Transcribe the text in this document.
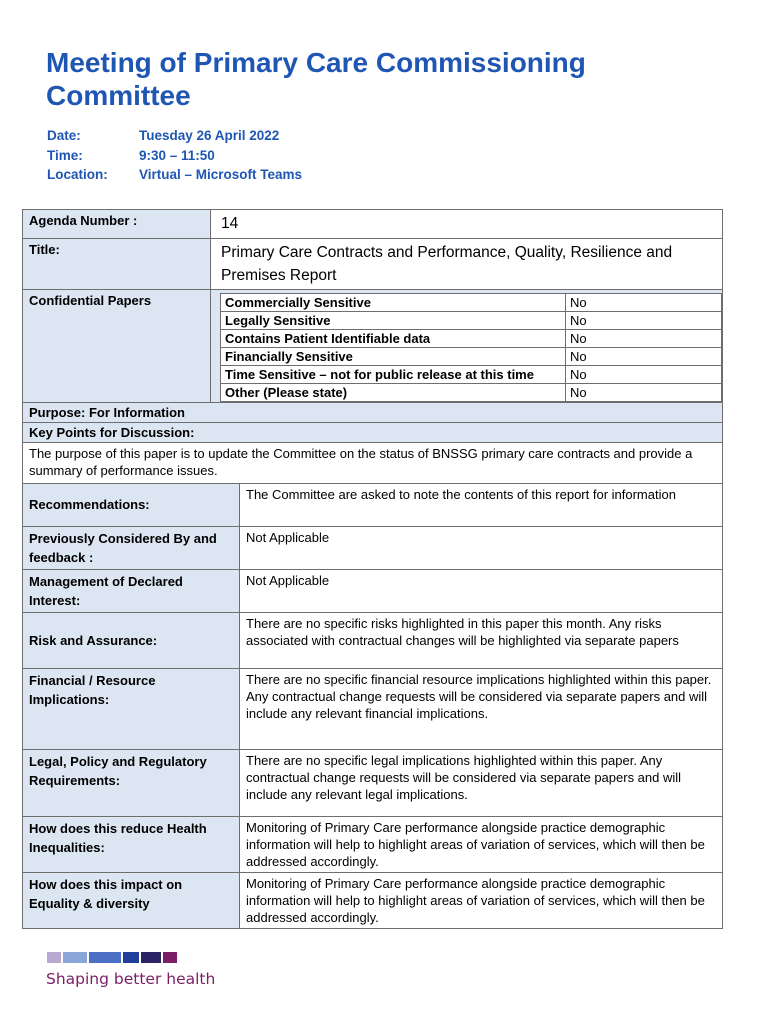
Meeting of Primary Care Commissioning Committee
Date:	Tuesday 26 April 2022
Time:	9:30 – 11:50
Location:	Virtual – Microsoft Teams
Agenda Number :	14
Title:	Primary Care Contracts and Performance, Quality, Resilience and Premises Report
Confidential Papers		Commercially Sensitive	No
Legally Sensitive	No
Contains Patient Identifiable data	No
Financially Sensitive	No
Time Sensitive – not for public release at this time	No
Other (Please state)	No

Purpose: For Information
Key Points for Discussion:
The purpose of this paper is to update the Committee on the status of BNSSG primary care contracts and provide a summary of performance issues.
Recommendations:	The Committee are asked to note the contents of this report for information
Previously Considered By and feedback :	Not Applicable
Management of Declared Interest:	Not Applicable
Risk and Assurance:	There are no specific risks highlighted in this paper this month. Any risks associated with contractual changes will be highlighted via separate papers
Financial / Resource Implications:	There are no specific financial resource implications highlighted within this paper. Any contractual change requests will be considered via separate papers and will include any relevant financial implications.
Legal, Policy and Regulatory Requirements:	There are no specific legal implications highlighted within this paper. Any contractual change requests will be considered via separate papers and will include any relevant legal implications.
How does this reduce Health Inequalities:	Monitoring of Primary Care performance alongside practice demographic information will help to highlight areas of variation of services, which will then be addressed accordingly.
How does this impact on Equality & diversity	Monitoring of Primary Care performance alongside practice demographic information will help to highlight areas of variation of services, which will then be addressed accordingly.
Shaping better health
